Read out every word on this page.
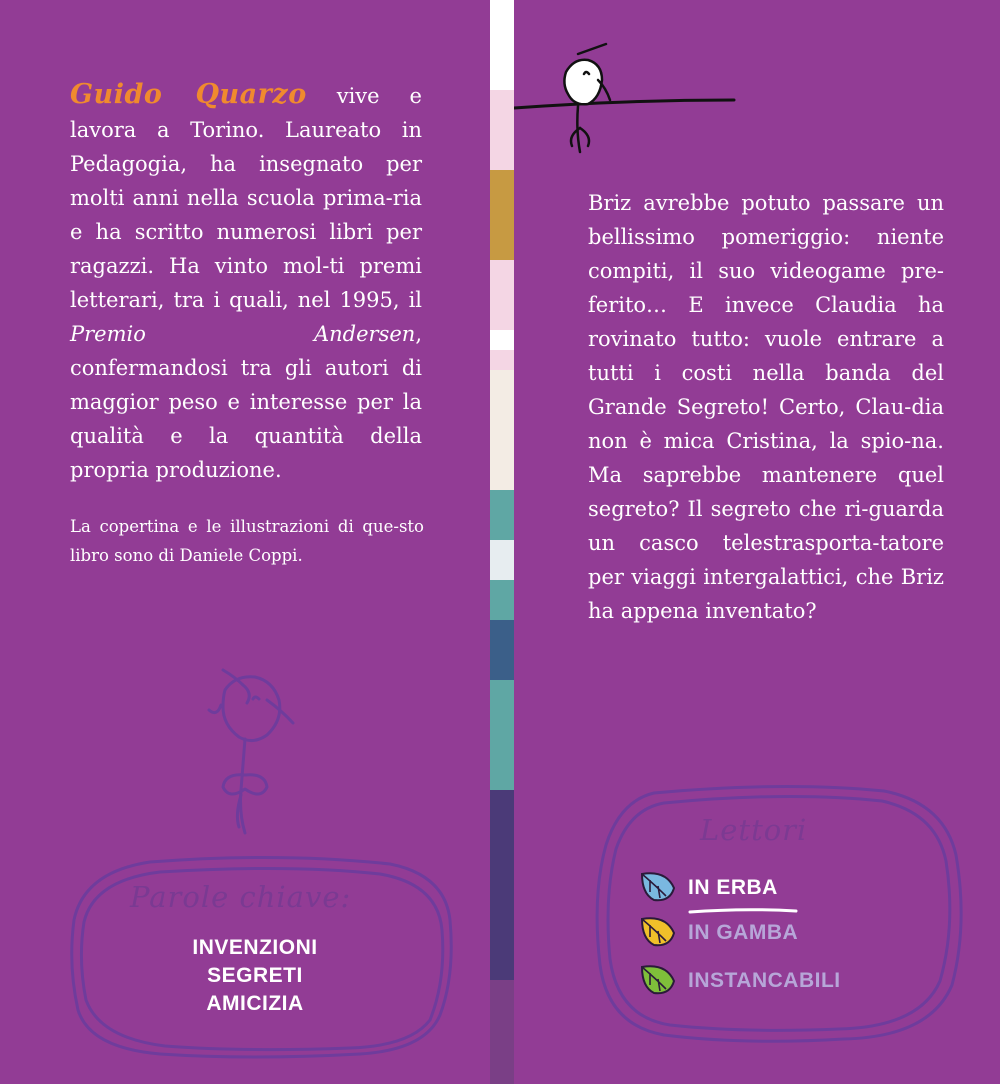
Guido Quarzo vive e lavora a Torino. Laureato in Pedagogia, ha insegnato per molti anni nella scuola prima-ria e ha scritto numerosi libri per ragazzi. Ha vinto mol-ti premi letterari, tra i quali, nel 1995, il Premio Andersen, confermandosi tra gli autori di maggior peso e interesse per la qualità e la quantità della propria produzione.
La copertina e le illustrazioni di que-sto libro sono di Daniele Coppi.
Parole chiave:
INVENZIONI
SEGRETI
AMICIZIA
Briz avrebbe potuto passare un bellissimo pomeriggio: niente compiti, il suo videogame pre-ferito… E invece Claudia ha rovinato tutto: vuole entrare a tutti i costi nella banda del Grande Segreto! Certo, Clau-dia non è mica Cristina, la spio-na. Ma saprebbe mantenere quel segreto? Il segreto che ri-guarda un casco telestrasporta-tatore per viaggi intergalattici, che Briz ha appena inventato?
Lettori
IN ERBA
IN GAMBA
INSTANCABILI
